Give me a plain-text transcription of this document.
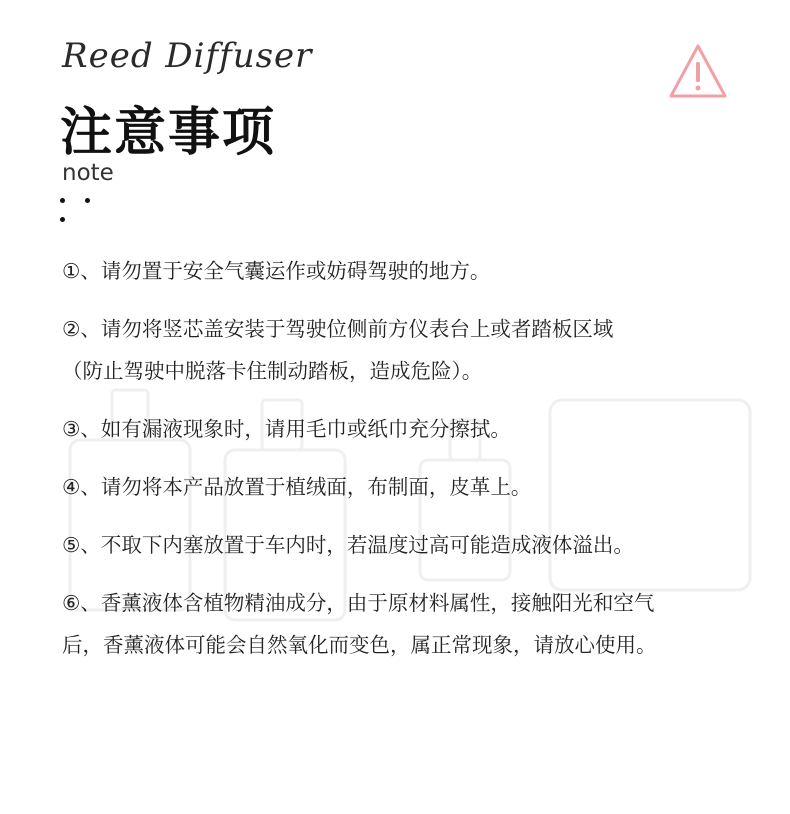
Reed Diffuser
注意事项
note
①、请勿置于安全气囊运作或妨碍驾驶的地方。
②、请勿将竖芯盖安装于驾驶位侧前方仪表台上或者踏板区域
（防止驾驶中脱落卡住制动踏板，造成危险）。
③、如有漏液现象时，请用毛巾或纸巾充分擦拭。
④、请勿将本产品放置于植绒面，布制面，皮革上。
⑤、不取下内塞放置于车内时，若温度过高可能造成液体溢出。
⑥、香薰液体含植物精油成分，由于原材料属性，接触阳光和空气
后，香薰液体可能会自然氧化而变色，属正常现象，请放心使用。
